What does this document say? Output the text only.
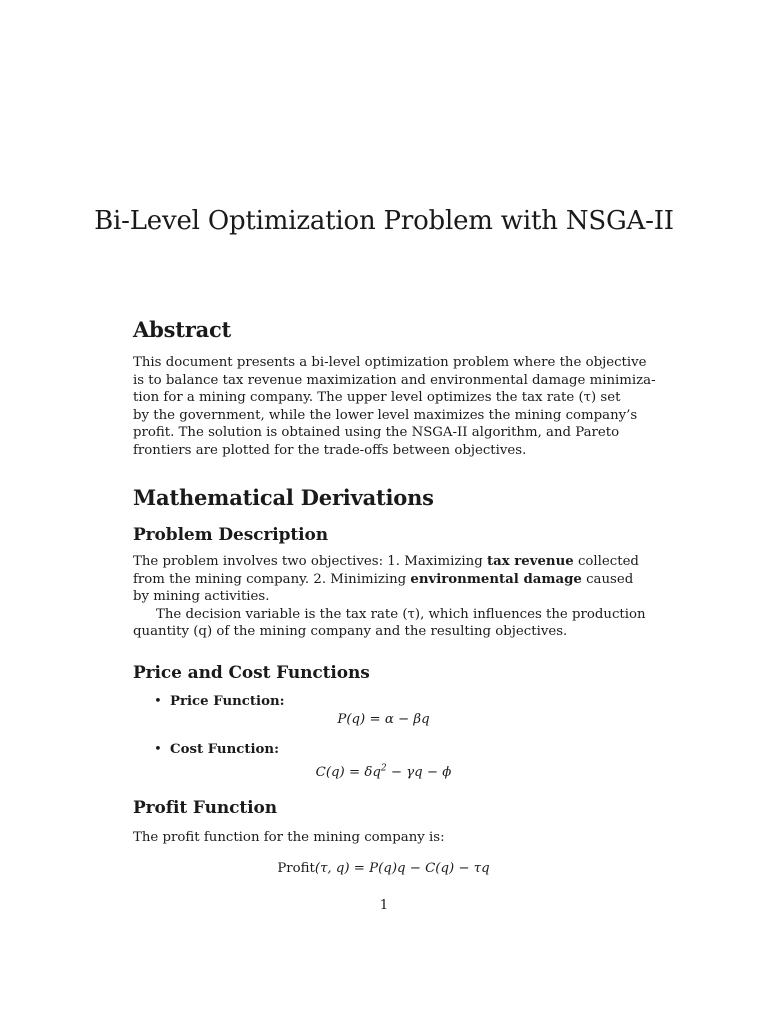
Bi-Level Optimization Problem with NSGA-II
Abstract

This document presents a bi-level optimization problem where the objective
is to balance tax revenue maximization and environmental damage minimiza-
tion for a mining company. The upper level optimizes the tax rate (τ) set
by the government, while the lower level maximizes the mining company’s
profit. The solution is obtained using the NSGA-II algorithm, and Pareto
frontiers are plotted for the trade-offs between objectives.

Mathematical Derivations
Problem Description

The problem involves two objectives: 1. Maximizing tax revenue collected
from the mining company. 2. Minimizing environmental damage caused
by mining activities.
The decision variable is the tax rate (τ), which influences the production
quantity (q) of the mining company and the resulting objectives.

Price and Cost Functions
• Price Function:
P(q) = α − βq
• Cost Function:
$C(q) = \delta q^2 - \gamma q - \phi$
Profit Function

The profit function for the mining company is:

Profit(τ, q) = P(q)q − C(q) − τq
1
